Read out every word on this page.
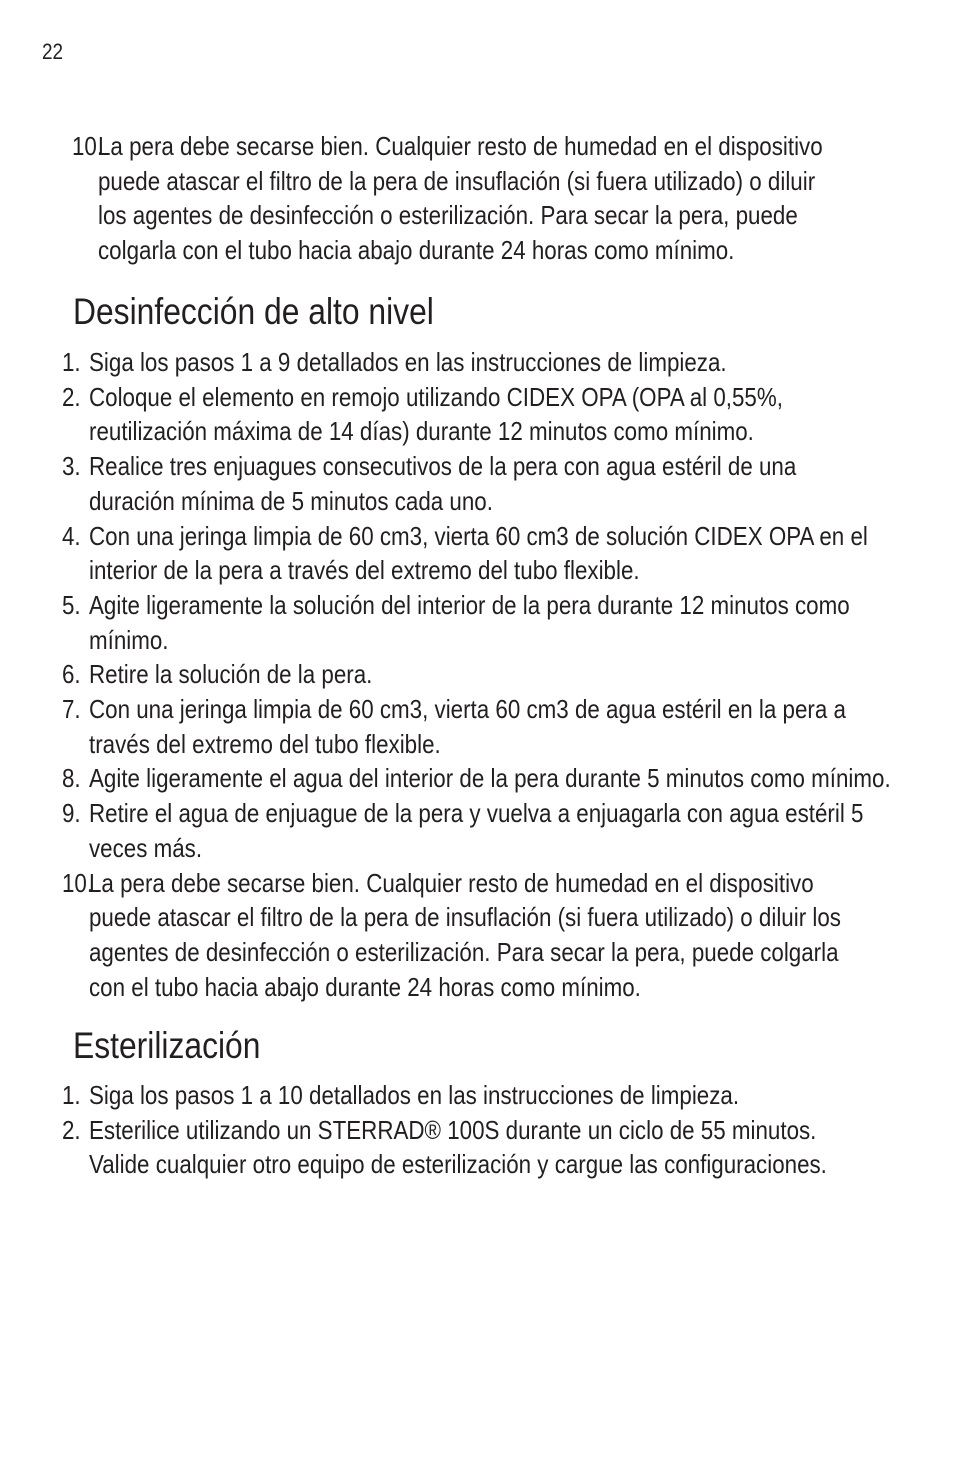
22
10.
La pera debe secarse bien. Cualquier resto de humedad en el dispositivo
puede atascar el filtro de la pera de insuflación (si fuera utilizado) o diluir
los agentes de desinfección o esterilización. Para secar la pera, puede
colgarla con el tubo hacia abajo durante 24 horas como mínimo.
Desinfección de alto nivel
1. Siga los pasos 1 a 9 detallados en las instrucciones de limpieza.
2. Coloque el elemento en remojo utilizando CIDEX OPA (OPA al 0,55%,
reutilización máxima de 14 días) durante 12 minutos como mínimo.
3. Realice tres enjuagues consecutivos de la pera con agua estéril de una
duración mínima de 5 minutos cada uno.
4. Con una jeringa limpia de 60 cm3, vierta 60 cm3 de solución CIDEX OPA en el
interior de la pera a través del extremo del tubo flexible.
5. Agite ligeramente la solución del interior de la pera durante 12 minutos como
mínimo.
6. Retire la solución de la pera.
7. Con una jeringa limpia de 60 cm3, vierta 60 cm3 de agua estéril en la pera a
través del extremo del tubo flexible.
8. Agite ligeramente el agua del interior de la pera durante 5 minutos como mínimo.
9. Retire el agua de enjuague de la pera y vuelva a enjuagarla con agua estéril 5
veces más.
10.
La pera debe secarse bien. Cualquier resto de humedad en el dispositivo
puede atascar el filtro de la pera de insuflación (si fuera utilizado) o diluir los
agentes de desinfección o esterilización. Para secar la pera, puede colgarla
con el tubo hacia abajo durante 24 horas como mínimo.
Esterilización
1. Siga los pasos 1 a 10 detallados en las instrucciones de limpieza.
2. Esterilice utilizando un STERRAD® 100S durante un ciclo de 55 minutos.
Valide cualquier otro equipo de esterilización y cargue las configuraciones.
